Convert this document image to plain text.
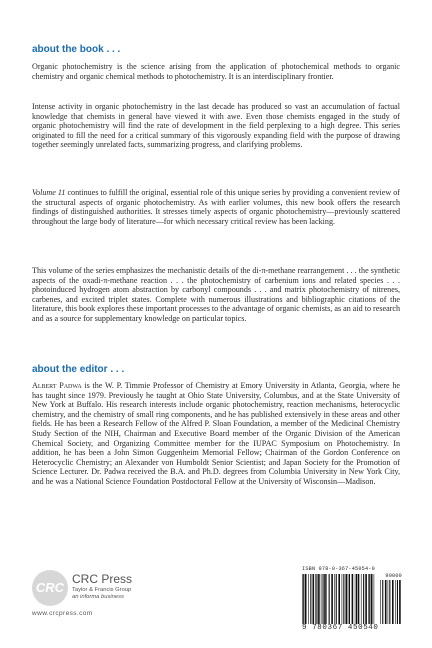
about the book . . .

Organic photochemistry is the science arising from the application of photochemical methods to organic chemistry and organic chemical methods to photochemistry. It is an interdisciplinary frontier.

Intense activity in organic photochemistry in the last decade has produced so vast an accumulation of factual knowledge that chemists in general have viewed it with awe. Even those chemists engaged in the study of organic photochemistry will find the rate of development in the field perplexing to a high degree. This series originated to fill the need for a critical summary of this vigorously expanding field with the purpose of drawing together seemingly unrelated facts, summarizing progress, and clarifying problems.

Volume 11 continues to fulfill the original, essential role of this unique series by providing a convenient review of the structural aspects of organic photochemistry. As with earlier volumes, this new book offers the research findings of distinguished authorities. It stresses timely aspects of organic photochemistry—previously scattered throughout the large body of literature—for which necessary critical review has been lacking.

This volume of the series emphasizes the mechanistic details of the di-π-methane rearrangement . . . the synthetic aspects of the oxadi-π-methane reaction . . . the photochemistry of carbenium ions and related species . . . photoinduced hydrogen atom abstraction by carbonyl compounds . . . and matrix photochemistry of nitrenes, carbenes, and excited triplet states. Complete with numerous illustrations and bibliographic citations of the literature, this book explores these important processes to the advantage of organic chemists, as an aid to research and as a source for supplementary knowledge on particular topics.

about the editor . . .

Albert Padwa is the W. P. Timmie Professor of Chemistry at Emory University in Atlanta, Georgia, where he has taught since 1979. Previously he taught at Ohio State University, Columbus, and at the State University of New York at Buffalo. His research interests include organic photochemistry, reaction mechanisms, heterocyclic chemistry, and the chemistry of small ring components, and he has published extensively in these areas and other fields. He has been a Research Fellow of the Alfred P. Sloan Foundation, a member of the Medicinal Chemistry Study Section of the NIH, Chairman and Executive Board member of the Organic Division of the American Chemical Society, and Organizing Committee member for the IUPAC Symposium on Photochemistry. In addition, he has been a John Simon Guggenheim Memorial Fellow; Chairman of the Gordon Conference on Heterocyclic Chemistry; an Alexander von Humboldt Senior Scientist; and Japan Society for the Promotion of Science Lecturer. Dr. Padwa received the B.A. and Ph.D. degrees from Columbia University in New York City, and he was a National Science Foundation Postdoctoral Fellow at the University of Wisconsin—Madison.

CRC
CRC Press
Taylor & Francis Group
an informa business
www.crcpress.com
ISBN 978-0-367-45054-0
90000
9 780367 450540
